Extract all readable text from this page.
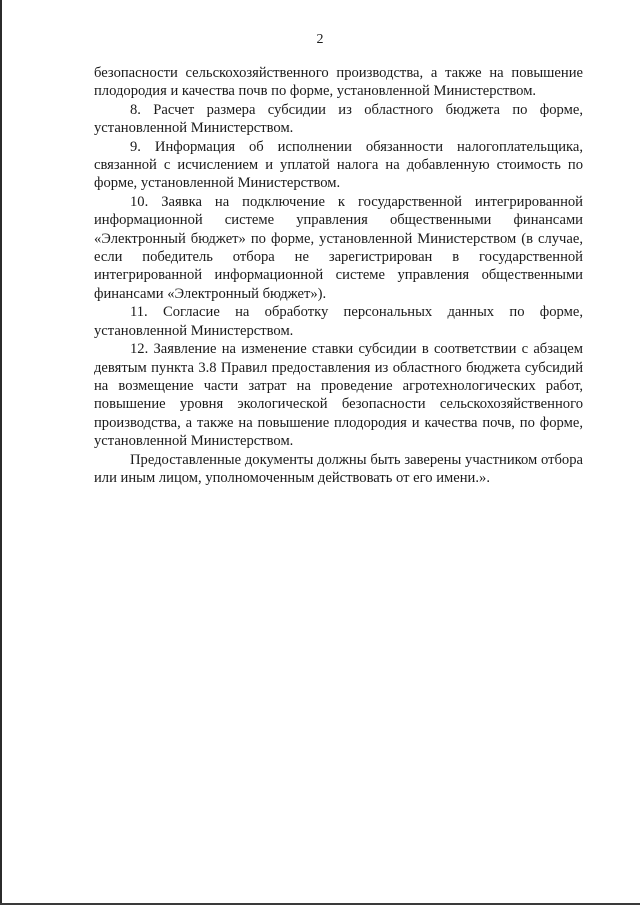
2

безопасности сельскохозяйственного производства, а также на повышение плодородия и качества почв по форме, установленной Министерством.

8. Расчет размера субсидии из областного бюджета по форме, установленной Министерством.

9. Информация об исполнении обязанности налогоплательщика, связанной с исчислением и уплатой налога на добавленную стоимость по форме, установленной Министерством.

10. Заявка на подключение к государственной интегрированной информационной системе управления общественными финансами «Электронный бюджет» по форме, установленной Министерством (в случае, если победитель отбора не зарегистрирован в государственной интегрированной информационной системе управления общественными финансами «Электронный бюджет»).

11. Согласие на обработку персональных данных по форме, установленной Министерством.

12. Заявление на изменение ставки субсидии в соответствии с абзацем девятым пункта 3.8 Правил предоставления из областного бюджета субсидий на возмещение части затрат на проведение агротехнологических работ, повышение уровня экологической безопасности сельскохозяйственного производства, а также на повышение плодородия и качества почв, по форме, установленной Министерством.

Предоставленные документы должны быть заверены участником отбора или иным лицом, уполномоченным действовать от его имени.».
